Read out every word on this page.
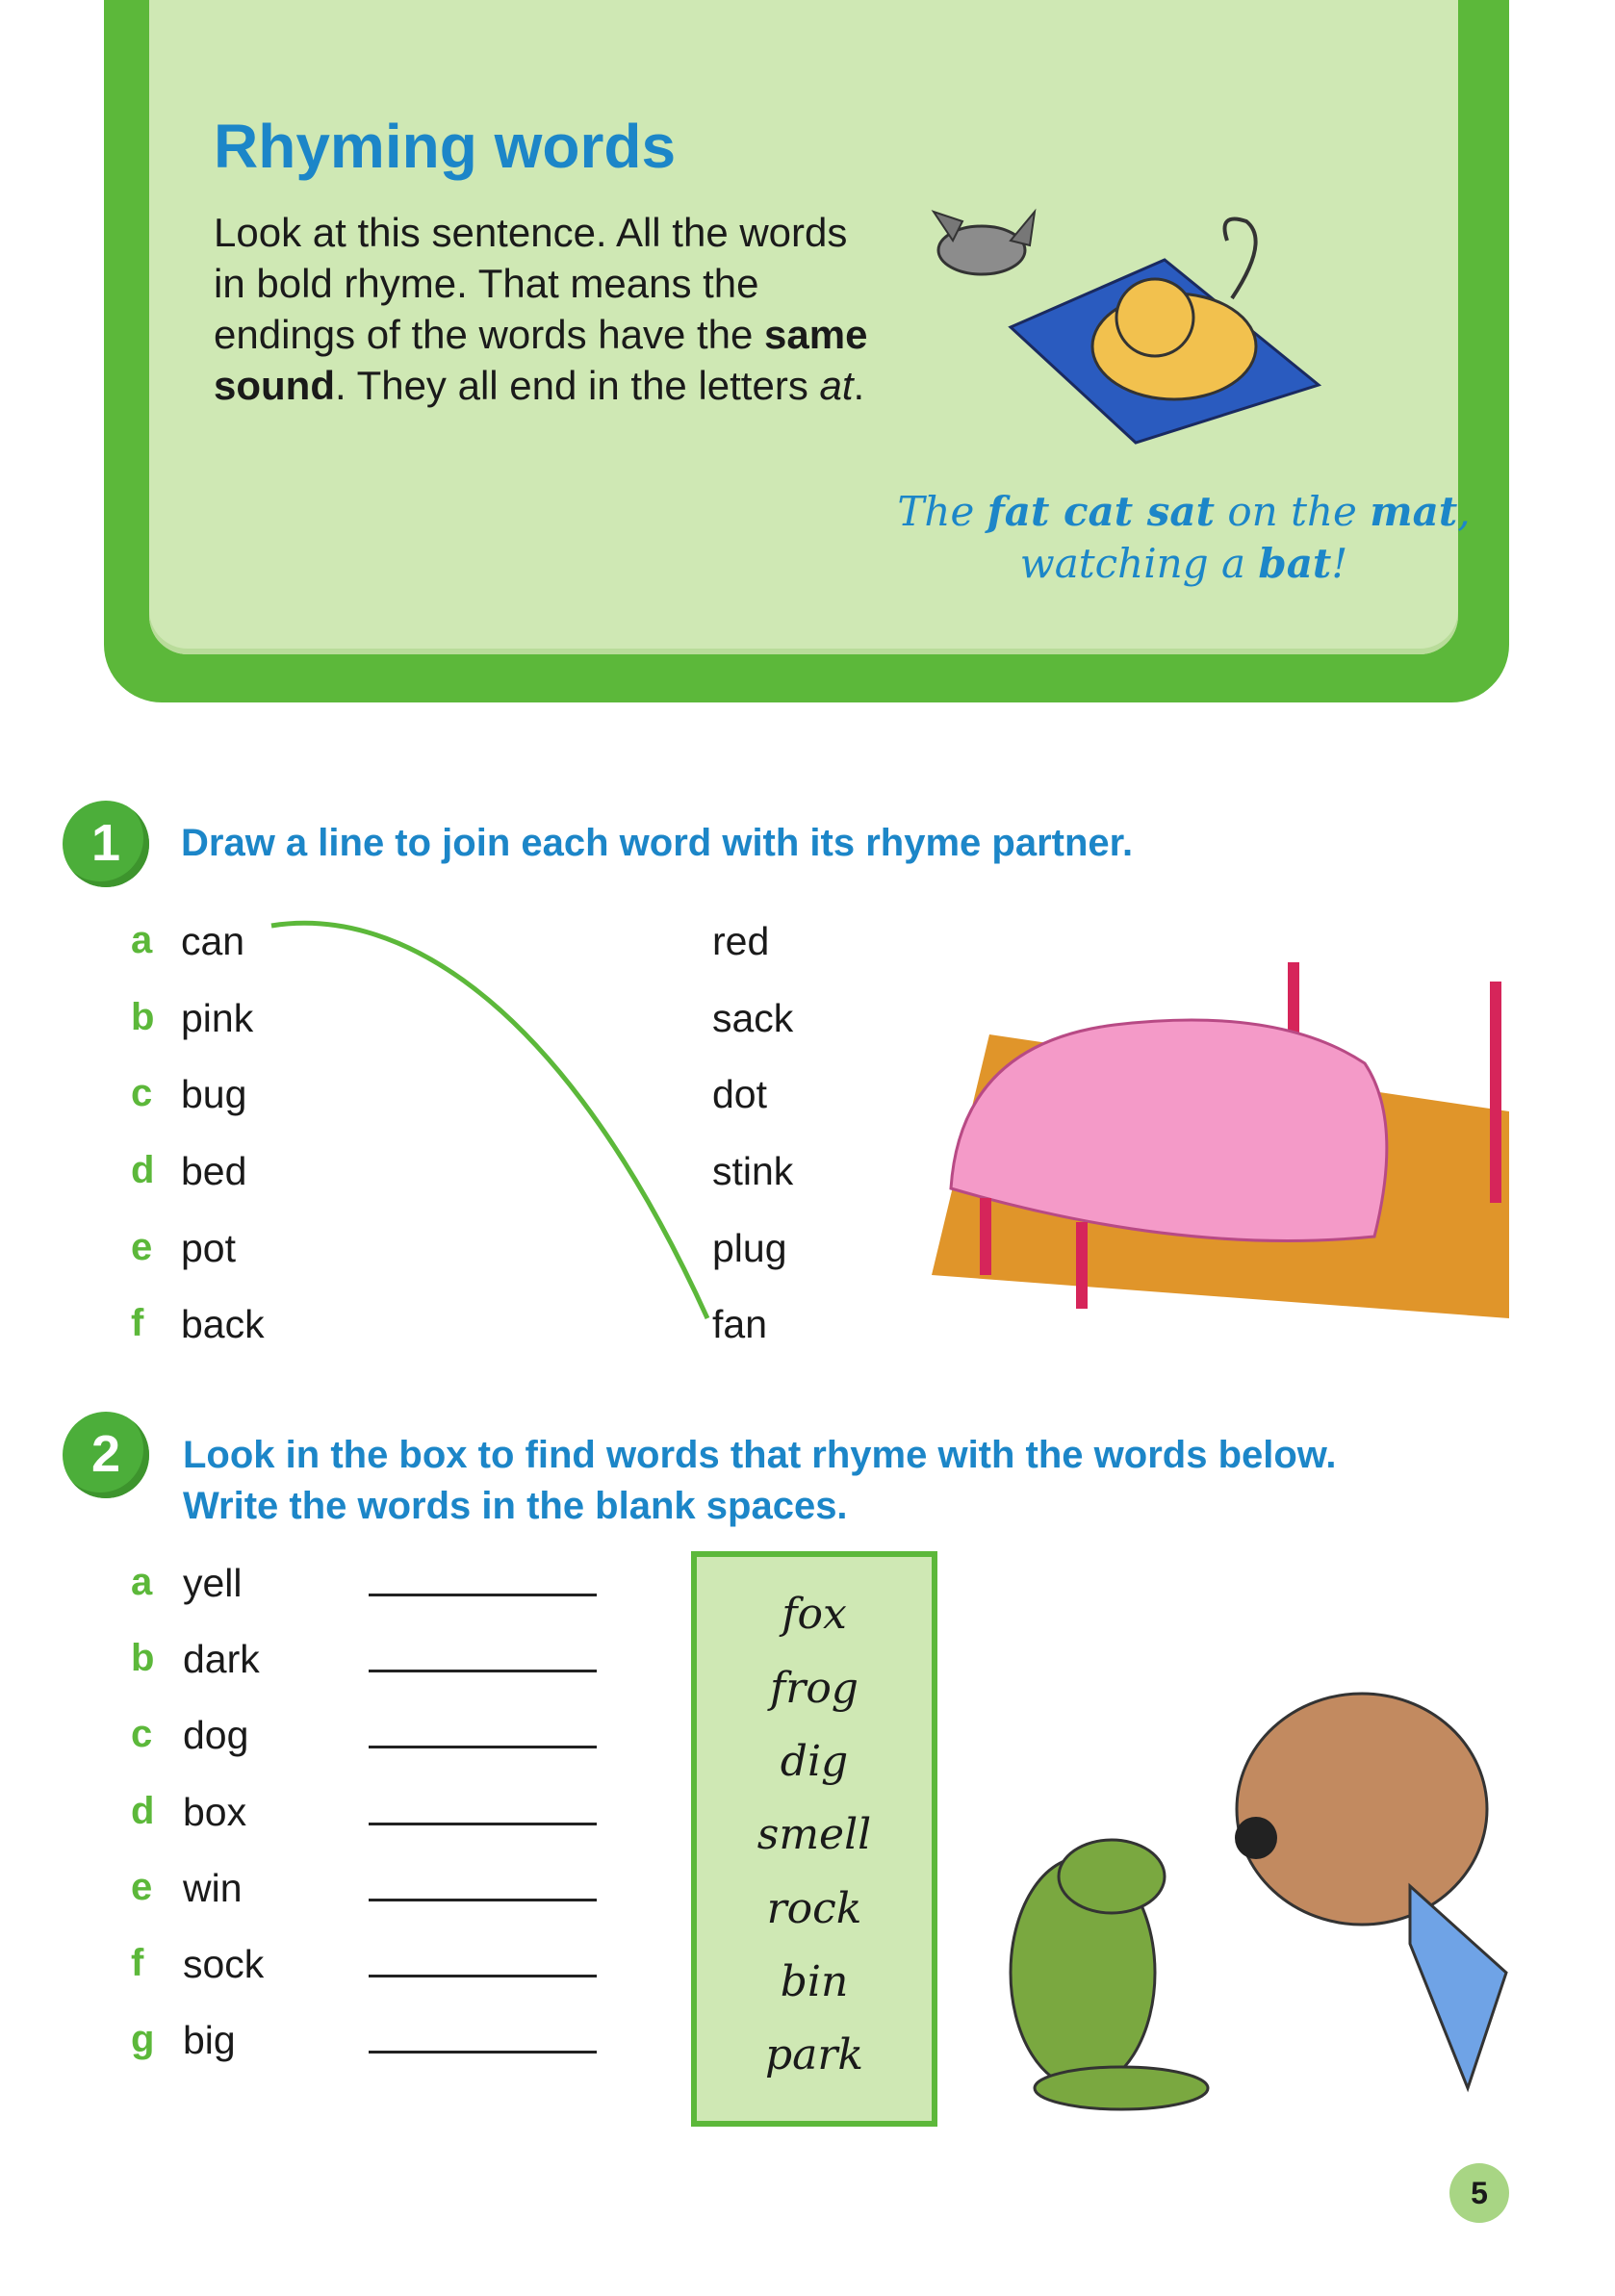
Rhyming words
Look at this sentence. All the words in bold rhyme. That means the endings of the words have the same sound. They all end in the letters at.
The fat cat sat on the mat, watching a bat!
1	Draw a line to join each word with its rhyme partner.
a can
b pink
c bug
d bed
e pot
f back
red
sack
dot
stink
plug
fan
2	Look in the box to find words that rhyme with the words below.
Write the words in the blank spaces.
a yell
b dark
c dog
d box
e win
f sock
g big
fox
frog
dig
smell
rock
bin
park
5
